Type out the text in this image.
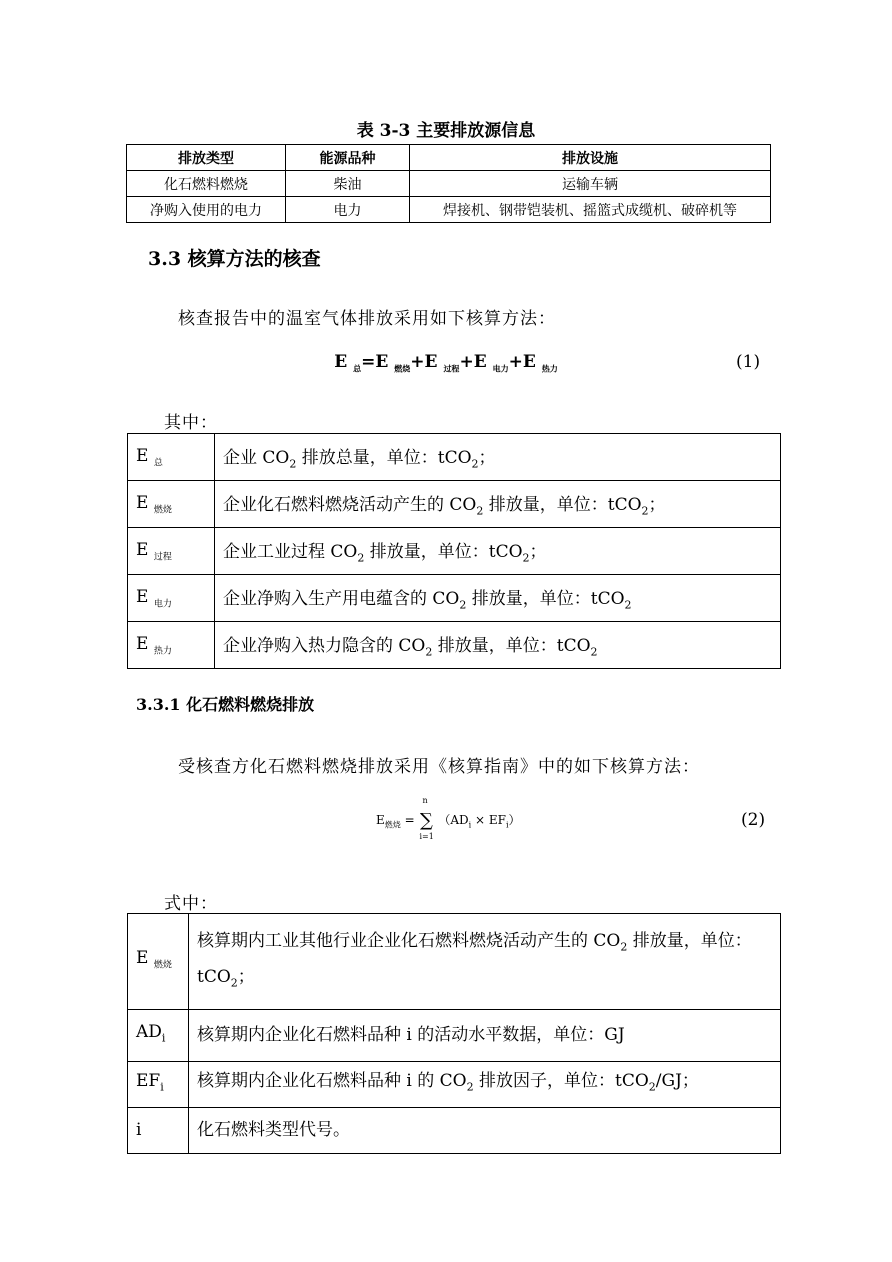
表 3-3 主要排放源信息
排放类型	能源品种	排放设施
化石燃料燃烧	柴油	运输车辆
净购入使用的电力	电力	焊接机、钢带铠装机、摇篮式成缆机、破碎机等
3.3 核算方法的核查
核查报告中的温室气体排放采用如下核算方法：
E $_总$=E $_{燃烧}$+E $_{过程}$+E $_{电力}$+E $_{热力}$	(1)
其中：
E $_总$	企业 $CO_2$ 排放总量，单位：tCO$_2$；
E $_{燃烧}$	企业化石燃料燃烧活动产生的 $CO_2$ 排放量，单位：tCO$_2$；
E $_{过程}$	企业工业过程 $CO_2$ 排放量，单位：tCO$_2$；
E $_{电力}$	企业净购入生产用电蕴含的 $CO_2$ 排放量，单位：tCO$_2$
E $_{热力}$	企业净购入热力隐含的 $CO_2$ 排放量，单位：tCO$_2$
3.3.1 化石燃料燃烧排放
受核查方化石燃料燃烧排放采用《核算指南》中的如下核算方法：
$E_{燃烧}$ =
n
∑
i=1
$(AD_i \times EF_i)$	(2)
式中：
E $_{燃烧}$	核算期内工业其他行业企业化石燃料燃烧活动产生的 $CO_2$ 排放量，单位：tCO$_2$；
$AD_i$	核算期内企业化石燃料品种 i 的活动水平数据，单位：GJ
$EF_i$	核算期内企业化石燃料品种 i 的 $CO_2$ 排放因子，单位：tCO$_2$/GJ；
i	化石燃料类型代号。
